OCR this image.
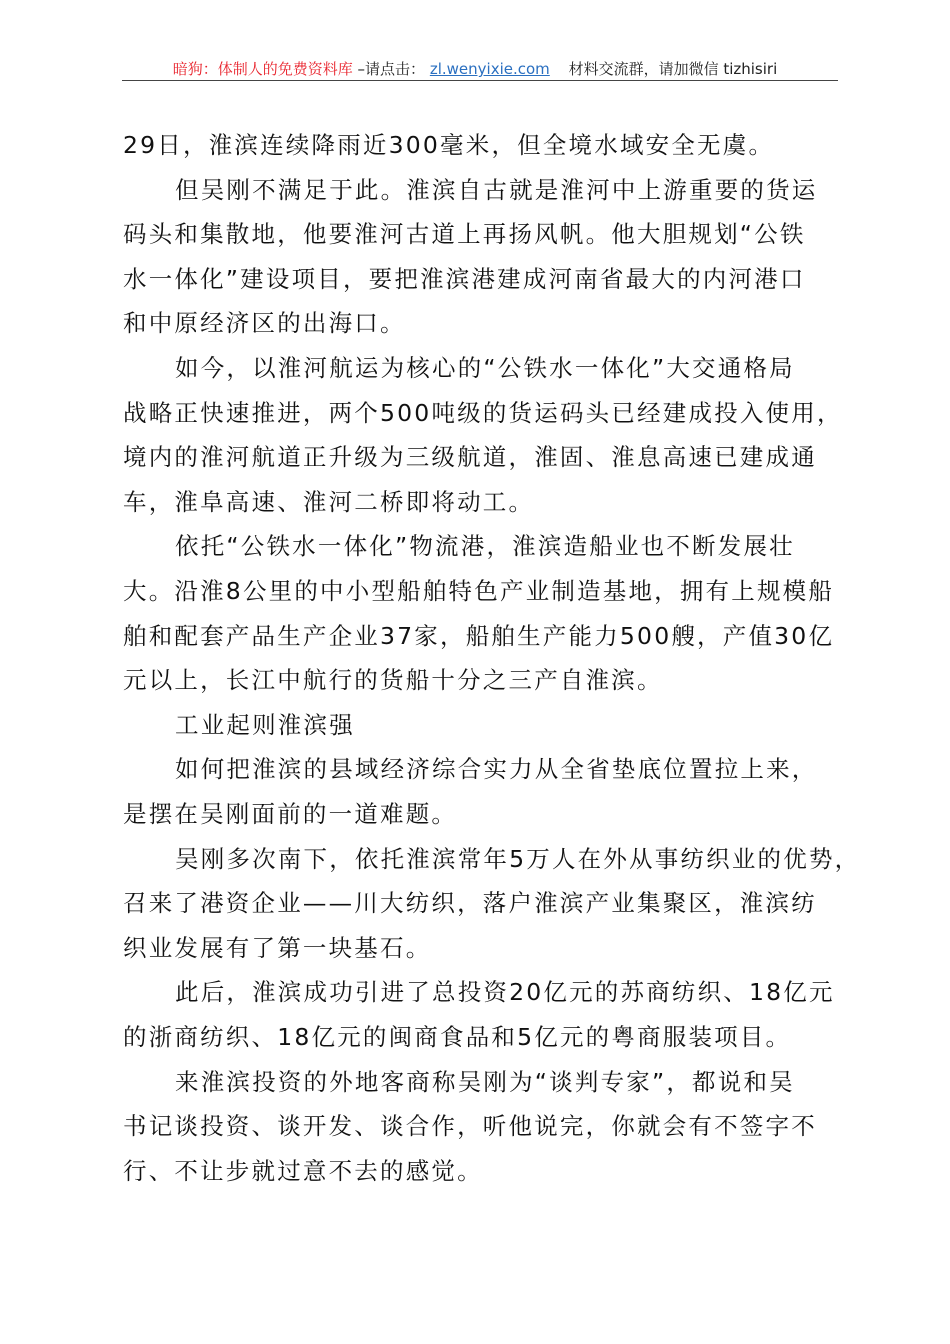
暗狗：体制人的免费资料库 –请点击： zl.wenyixie.com 材料交流群，请加微信 tizhisiri
29日，淮滨连续降雨近300毫米，但全境水域安全无虞。
但吴刚不满足于此。淮滨自古就是淮河中上游重要的货运
码头和集散地，他要淮河古道上再扬风帆。他大胆规划“公铁
水一体化”建设项目，要把淮滨港建成河南省最大的内河港口
和中原经济区的出海口。
如今，以淮河航运为核心的“公铁水一体化”大交通格局
战略正快速推进，两个500吨级的货运码头已经建成投入使用，
境内的淮河航道正升级为三级航道，淮固、淮息高速已建成通
车，淮阜高速、淮河二桥即将动工。
依托“公铁水一体化”物流港，淮滨造船业也不断发展壮
大。沿淮8公里的中小型船舶特色产业制造基地，拥有上规模船
舶和配套产品生产企业37家，船舶生产能力500艘，产值30亿
元以上，长江中航行的货船十分之三产自淮滨。
工业起则淮滨强
如何把淮滨的县域经济综合实力从全省垫底位置拉上来，
是摆在吴刚面前的一道难题。
吴刚多次南下，依托淮滨常年5万人在外从事纺织业的优势，
召来了港资企业——川大纺织，落户淮滨产业集聚区，淮滨纺
织业发展有了第一块基石。
此后，淮滨成功引进了总投资20亿元的苏商纺织、18亿元
的浙商纺织、18亿元的闽商食品和5亿元的粤商服装项目。
来淮滨投资的外地客商称吴刚为“谈判专家”，都说和吴
书记谈投资、谈开发、谈合作，听他说完，你就会有不签字不
行、不让步就过意不去的感觉。
